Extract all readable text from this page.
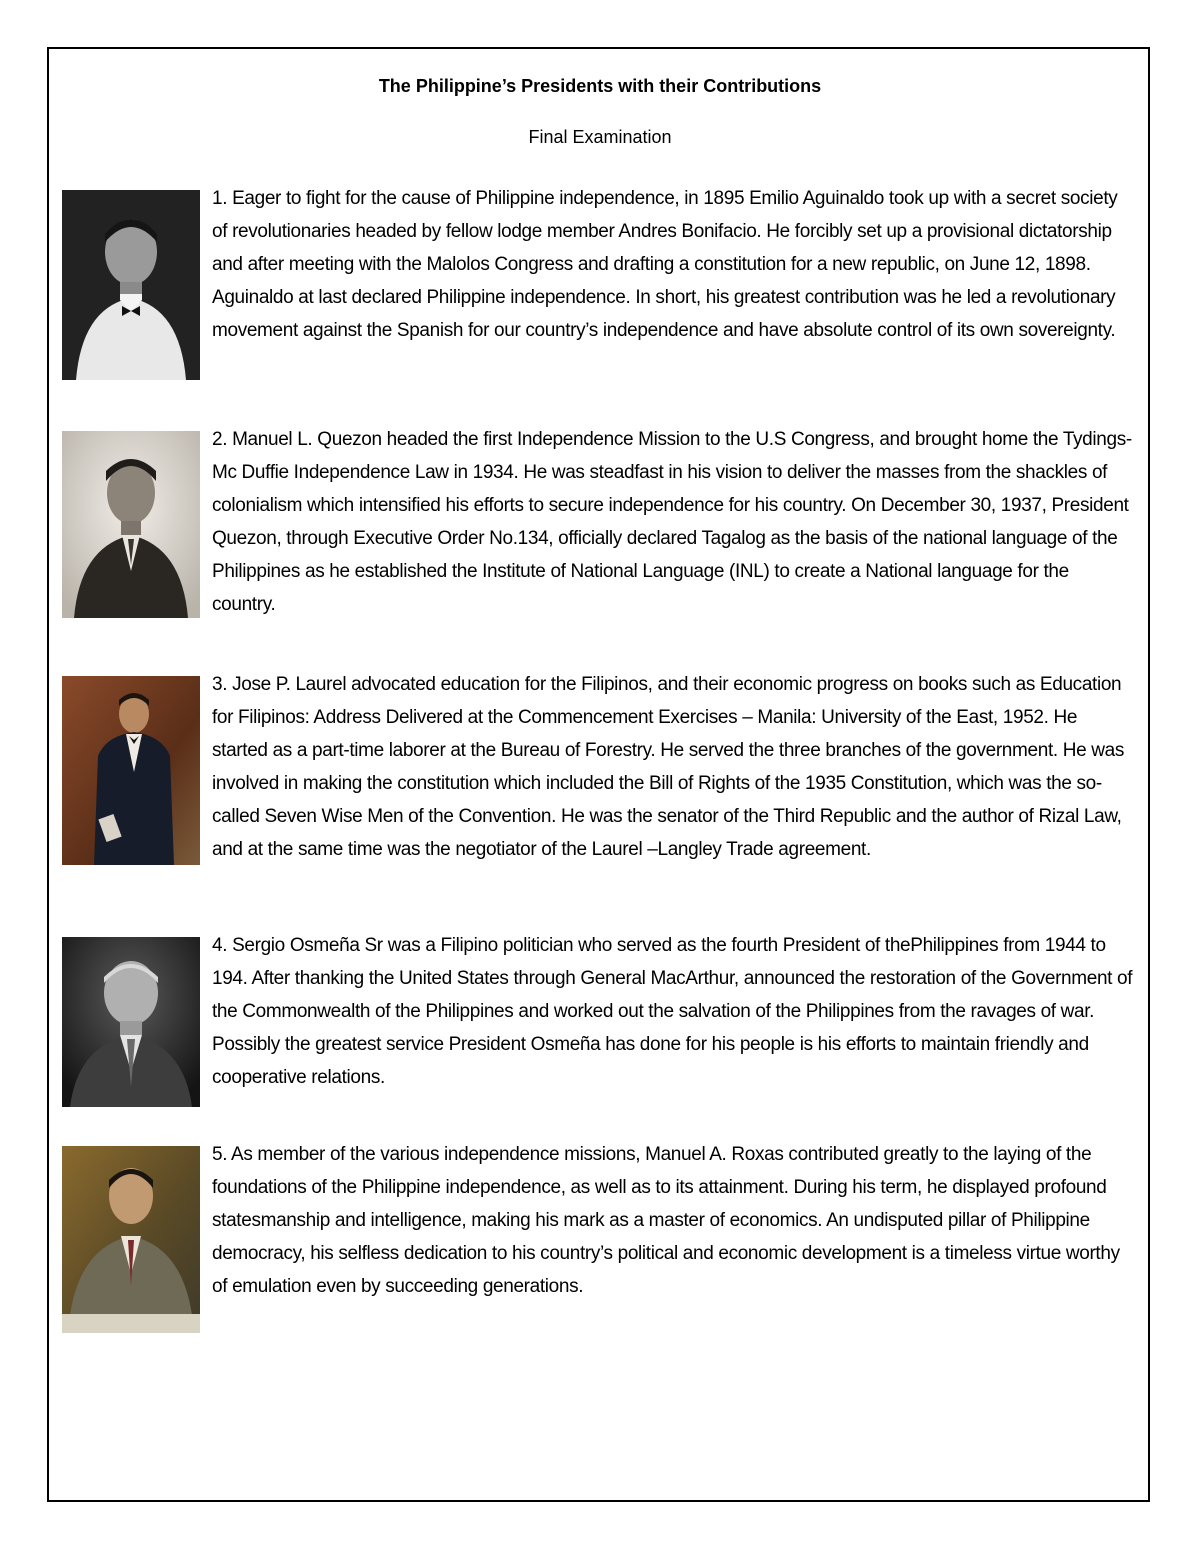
The Philippine’s Presidents with their Contributions
Final Examination
1. Eager to fight for the cause of Philippine independence, in 1895 Emilio Aguinaldo took up with a secret society of revolutionaries headed by fellow lodge member Andres Bonifacio. He forcibly set up a provisional dictatorship and after meeting with the Malolos Congress and drafting a constitution for a new republic, on June 12, 1898. Aguinaldo at last declared Philippine independence. In short, his greatest contribution was he led a revolutionary movement against the Spanish for our country’s independence and have absolute control of its own sovereignty.
2. Manuel L. Quezon headed the first Independence Mission to the U.S Congress, and brought home the Tydings- Mc Duffie Independence Law in 1934. He was steadfast in his vision to deliver the masses from the shackles of colonialism which intensified his efforts to secure independence for his country. On December 30, 1937, President Quezon, through Executive Order No.134, officially declared Tagalog as the basis of the national language of the Philippines as he established the Institute of National Language (INL) to create a National language for the country.
3. Jose P. Laurel advocated education for the Filipinos, and their economic progress on books such as Education for Filipinos: Address Delivered at the Commencement Exercises – Manila: University of the East, 1952. He started as a part-time laborer at the Bureau of Forestry. He served the three branches of the government. He was involved in making the constitution which included the Bill of Rights of the 1935 Constitution, which was the so-called Seven Wise Men of the Convention. He was the senator of the Third Republic and the author of Rizal Law, and at the same time was the negotiator of the Laurel –Langley Trade agreement.
4. Sergio Osmeña Sr was a Filipino politician who served as the fourth President of thePhilippines from 1944 to 194. After thanking the United States through General MacArthur, announced the restoration of the Government of the Commonwealth of the Philippines and worked out the salvation of the Philippines from the ravages of war. Possibly the greatest service President Osmeña has done for his people is his efforts to maintain friendly and cooperative relations.
5. As member of the various independence missions, Manuel A. Roxas contributed greatly to the laying of the foundations of the Philippine independence, as well as to its attainment. During his term, he displayed profound statesmanship and intelligence, making his mark as a master of economics. An undisputed pillar of Philippine democracy, his selfless dedication to his country’s political and economic development is a timeless virtue worthy of emulation even by succeeding generations.
